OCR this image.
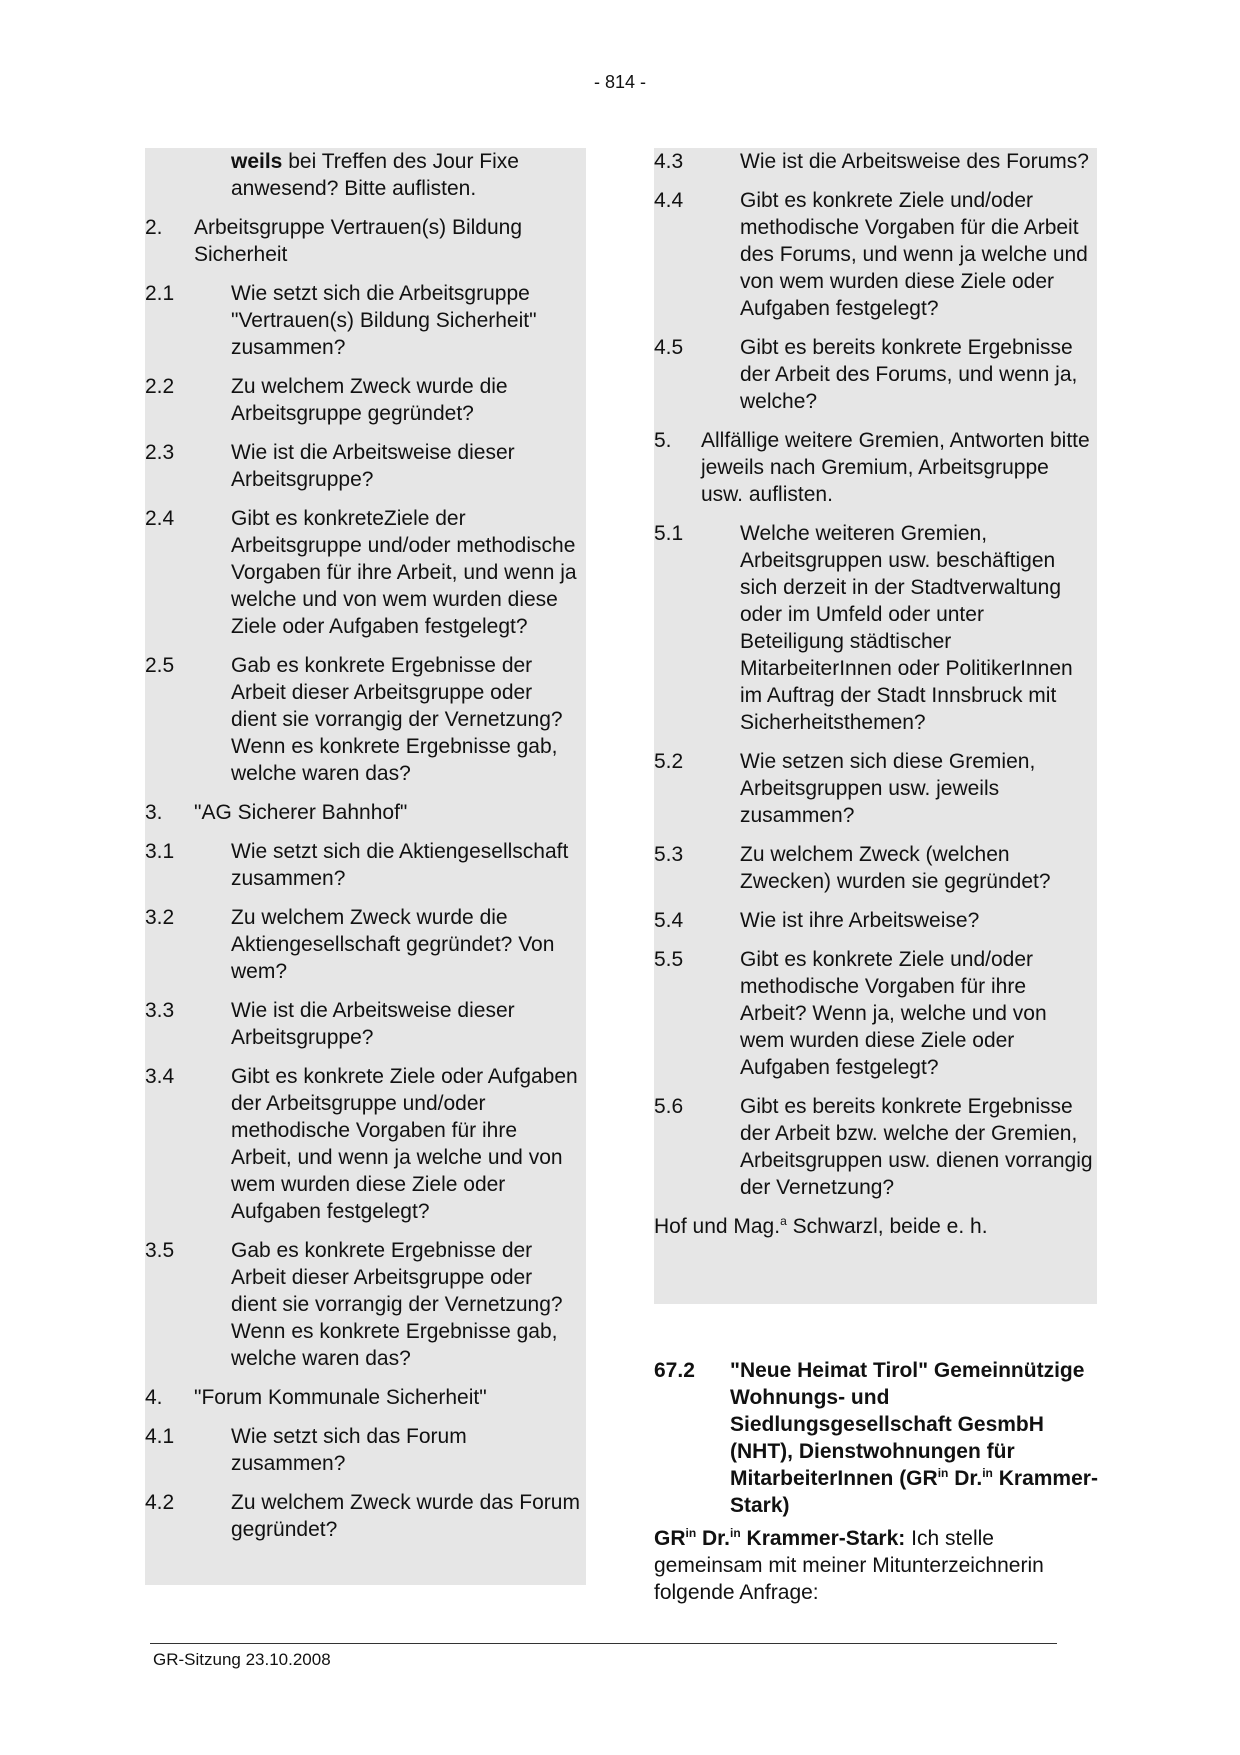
- 814 -
weils bei Treffen des Jour Fixe anwesend? Bitte auflisten.
2.	Arbeitsgruppe Vertrauen(s) Bildung Sicherheit
2.1	Wie setzt sich die Arbeitsgruppe "Vertrauen(s) Bildung Sicherheit" zusammen?
2.2	Zu welchem Zweck wurde die Arbeitsgruppe gegründet?
2.3	Wie ist die Arbeitsweise dieser Arbeitsgruppe?
2.4	Gibt es konkreteZiele der Arbeitsgruppe und/oder methodische Vorgaben für ihre Arbeit, und wenn ja welche und von wem wurden diese Ziele oder Aufgaben festgelegt?
2.5	Gab es konkrete Ergebnisse der Arbeit dieser Arbeitsgruppe oder dient sie vorrangig der Vernetzung? Wenn es konkrete Ergebnisse gab, welche waren das?
3.	"AG Sicherer Bahnhof"
3.1	Wie setzt sich die Aktiengesellschaft zusammen?
3.2	Zu welchem Zweck wurde die Aktiengesellschaft gegründet? Von wem?
3.3	Wie ist die Arbeitsweise dieser Arbeitsgruppe?
3.4	Gibt es konkrete Ziele oder Aufgaben der Arbeitsgruppe und/oder methodische Vorgaben für ihre Arbeit, und wenn ja welche und von wem wurden diese Ziele oder Aufgaben festgelegt?
3.5	Gab es konkrete Ergebnisse der Arbeit dieser Arbeitsgruppe oder dient sie vorrangig der Vernetzung? Wenn es konkrete Ergebnisse gab, welche waren das?
4.	"Forum Kommunale Sicherheit"
4.1	Wie setzt sich das Forum zusammen?
4.2	Zu welchem Zweck wurde das Forum gegründet?
4.3	Wie ist die Arbeitsweise des Forums?
4.4	Gibt es konkrete Ziele und/oder methodische Vorgaben für die Arbeit des Forums, und wenn ja welche und von wem wurden diese Ziele oder Aufgaben festgelegt?
4.5	Gibt es bereits konkrete Ergebnisse der Arbeit des Forums, und wenn ja, welche?
5.	Allfällige weitere Gremien, Antworten bitte jeweils nach Gremium, Arbeitsgruppe usw. auflisten.
5.1	Welche weiteren Gremien, Arbeitsgruppen usw. beschäftigen sich derzeit in der Stadtverwaltung oder im Umfeld oder unter Beteiligung städtischer MitarbeiterInnen oder PolitikerInnen im Auftrag der Stadt Innsbruck mit Sicherheitsthemen?
5.2	Wie setzen sich diese Gremien, Arbeitsgruppen usw. jeweils zusammen?
5.3	Zu welchem Zweck (welchen Zwecken) wurden sie gegründet?
5.4	Wie ist ihre Arbeitsweise?
5.5	Gibt es konkrete Ziele und/oder methodische Vorgaben für ihre Arbeit? Wenn ja, welche und von wem wurden diese Ziele oder Aufgaben festgelegt?
5.6	Gibt es bereits konkrete Ergebnisse der Arbeit bzw. welche der Gremien, Arbeitsgruppen usw. dienen vorrangig der Vernetzung?
Hof und Mag.$^a$ Schwarzl, beide e. h.
67.2	"Neue Heimat Tirol" Gemeinnützige Wohnungs- und Siedlungsgesellschaft GesmbH (NHT), Dienstwohnungen für MitarbeiterInnen ($GR^{in}$ Dr.$^{in}$ Krammer-Stark)
$GR^{in}$ Dr.$^{in}$ Krammer-Stark: Ich stelle gemeinsam mit meiner Mitunterzeichnerin folgende Anfrage:
GR-Sitzung 23.10.2008
